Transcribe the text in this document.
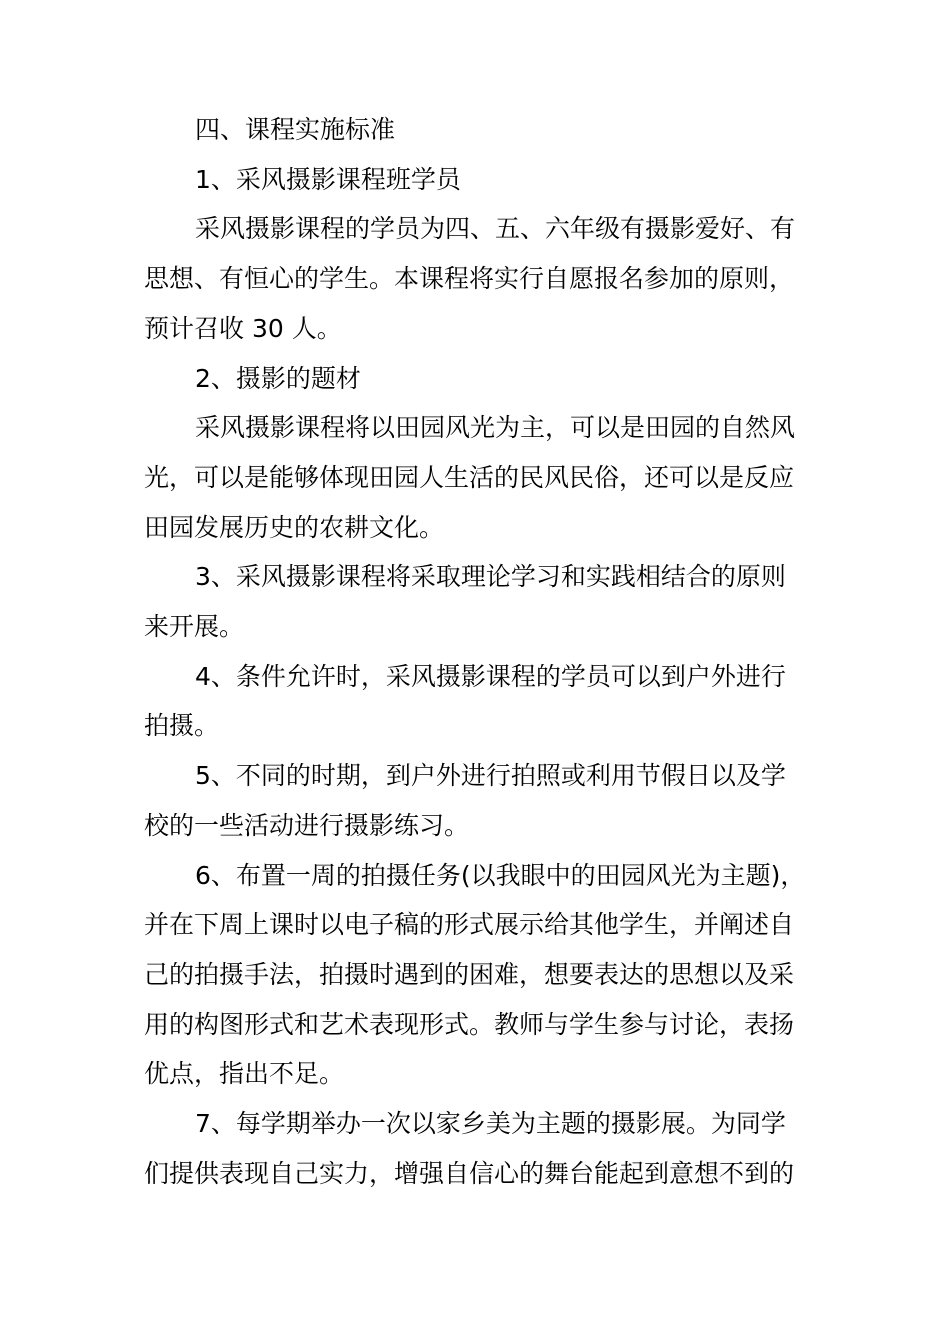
四、课程实施标准

1、采风摄影课程班学员

采风摄影课程的学员为四、五、六年级有摄影爱好、有

思想、有恒心的学生。本课程将实行自愿报名参加的原则，

预计召收 30 人。

2、摄影的题材

采风摄影课程将以田园风光为主，可以是田园的自然风

光，可以是能够体现田园人生活的民风民俗，还可以是反应

田园发展历史的农耕文化。

3、采风摄影课程将采取理论学习和实践相结合的原则

来开展。

4、条件允许时，采风摄影课程的学员可以到户外进行

拍摄。

5、不同的时期，到户外进行拍照或利用节假日以及学

校的一些活动进行摄影练习。

6、布置一周的拍摄任务(以我眼中的田园风光为主题)，

并在下周上课时以电子稿的形式展示给其他学生，并阐述自

己的拍摄手法，拍摄时遇到的困难，想要表达的思想以及采

用的构图形式和艺术表现形式。教师与学生参与讨论，表扬

优点，指出不足。

7、每学期举办一次以家乡美为主题的摄影展。为同学

们提供表现自己实力，增强自信心的舞台能起到意想不到的
